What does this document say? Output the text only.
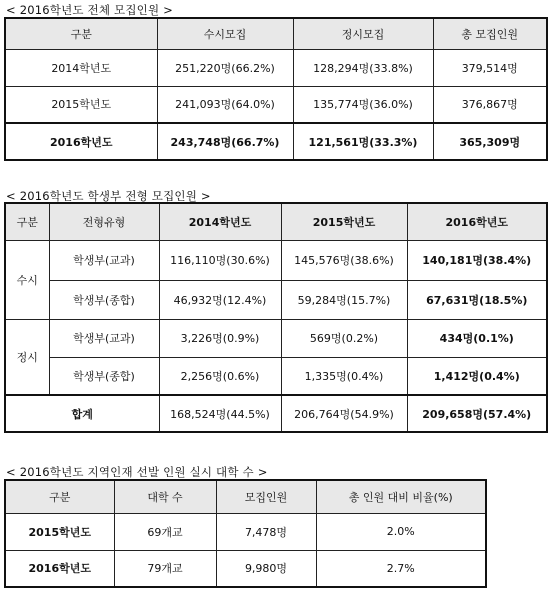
< 2016학년도 전체 모집인원 >
구분	수시모집	정시모집	총 모집인원
2014학년도	251,220명(66.2%)	128,294명(33.8%)	379,514명
2015학년도	241,093명(64.0%)	135,774명(36.0%)	376,867명
2016학년도	243,748명(66.7%)	121,561명(33.3%)	365,309명
< 2016학년도 학생부 전형 모집인원 >
구분	전형유형	2014학년도	2015학년도	2016학년도
수시	학생부(교과)	116,110명(30.6%)	145,576명(38.6%)	140,181명(38.4%)
	학생부(종합)	46,932명(12.4%)	59,284명(15.7%)	67,631명(18.5%)
정시	학생부(교과)	3,226명(0.9%)	569명(0.2%)	434명(0.1%)
	학생부(종합)	2,256명(0.6%)	1,335명(0.4%)	1,412명(0.4%)
합계		168,524명(44.5%)	206,764명(54.9%)	209,658명(57.4%)
< 2016학년도 지역인재 선발 인원 실시 대학 수 >
구분	대학 수	모집인원	총 인원 대비 비율(%)
2015학년도	69개교	7,478명	2.0%
2016학년도	79개교	9,980명	2.7%
